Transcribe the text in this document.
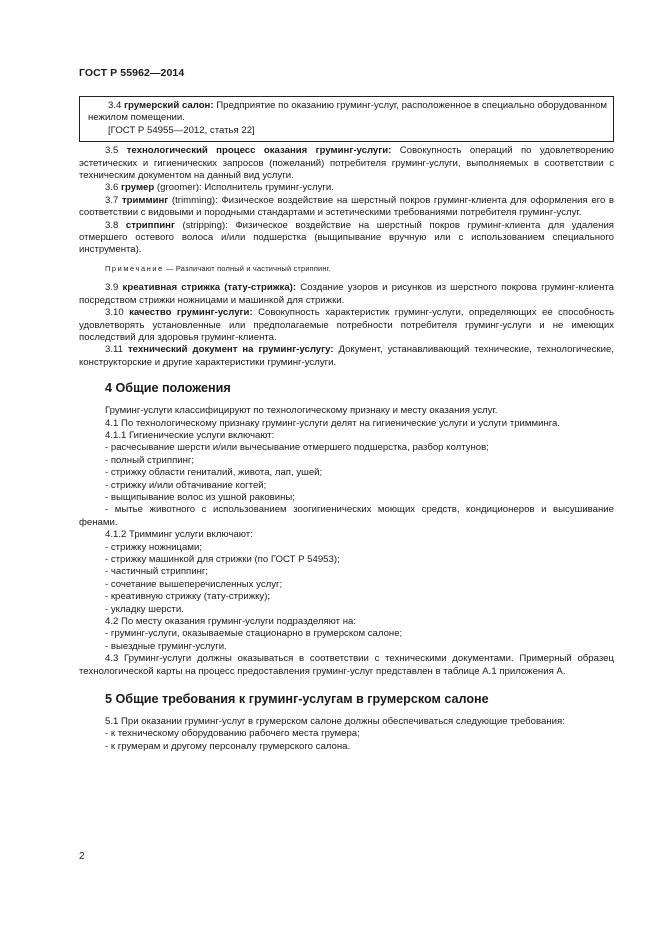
ГОСТ Р 55962—2014

3.4 грумерский салон: Предприятие по оказанию груминг-услуг, расположенное в специально оборудованном нежилом помещении.

[ГОСТ Р 54955—2012, статья 22]

3.5 технологический процесс оказания груминг-услуги: Совокупность операций по удовлетворению эстетических и гигиенических запросов (пожеланий) потребителя груминг-услуги, выполняемых в соответствии с техническим документом на данный вид услуги.

3.6 грумер (groomer): Исполнитель груминг-услуги.

3.7 тримминг (trimming): Физическое воздействие на шерстный покров груминг-клиента для оформления его в соответствии с видовыми и породными стандартами и эстетическими требованиями потребителя груминг-услуг.

3.8 стриппинг (stripping): Физическое воздействие на шерстный покров груминг-клиента для удаления отмершего остевого волоса и/или подшерстка (выщипывание вручную или с использованием специального инструмента).

Примечание — Различают полный и частичный стриппинг.

3.9 креативная стрижка (тату-стрижка): Создание узоров и рисунков из шерстного покрова груминг-клиента посредством стрижки ножницами и машинкой для стрижки.

3.10 качество груминг-услуги: Совокупность характеристик груминг-услуги, определяющих ее способность удовлетворять установленные или предполагаемые потребности потребителя груминг-услуги и не имеющих последствий для здоровья груминг-клиента.

3.11 технический документ на груминг-услугу: Документ, устанавливающий технические, технологические, конструкторские и другие характеристики груминг-услуги.

4 Общие положения

Груминг-услуги классифицируют по технологическому признаку и месту оказания услуг.

4.1 По технологическому признаку груминг-услуги делят на гигиенические услуги и услуги тримминга.

4.1.1 Гигиенические услуги включают:

- расчесывание шерсти и/или вычесывание отмершего подшерстка, разбор колтунов;

- полный стриппинг;

- стрижку области гениталий, живота, лап, ушей;

- стрижку и/или обтачивание когтей;

- выщипывание волос из ушной раковины;

- мытье животного с использованием зоогигиенических моющих средств, кондиционеров и высушивание фенами.

4.1.2 Тримминг услуги включают:

- стрижку ножницами;

- стрижку машинкой для стрижки (по ГОСТ Р 54953);

- частичный стриппинг;

- сочетание вышеперечисленных услуг;

- креативную стрижку (тату-стрижку);

- укладку шерсти.

4.2 По месту оказания груминг-услуги подразделяют на:

- груминг-услуги, оказываемые стационарно в грумерском салоне;

- выездные груминг-услуги.

4.3 Груминг-услуги должны оказываться в соответствии с техническими документами. Примерный образец технологической карты на процесс предоставления груминг-услуг представлен в таблице А.1 приложения А.

5 Общие требования к груминг-услугам в грумерском салоне

5.1 При оказании груминг-услуг в грумерском салоне должны обеспечиваться следующие требования:

- к техническому оборудованию рабочего места грумера;

- к грумерам и другому персоналу грумерского салона.

2
